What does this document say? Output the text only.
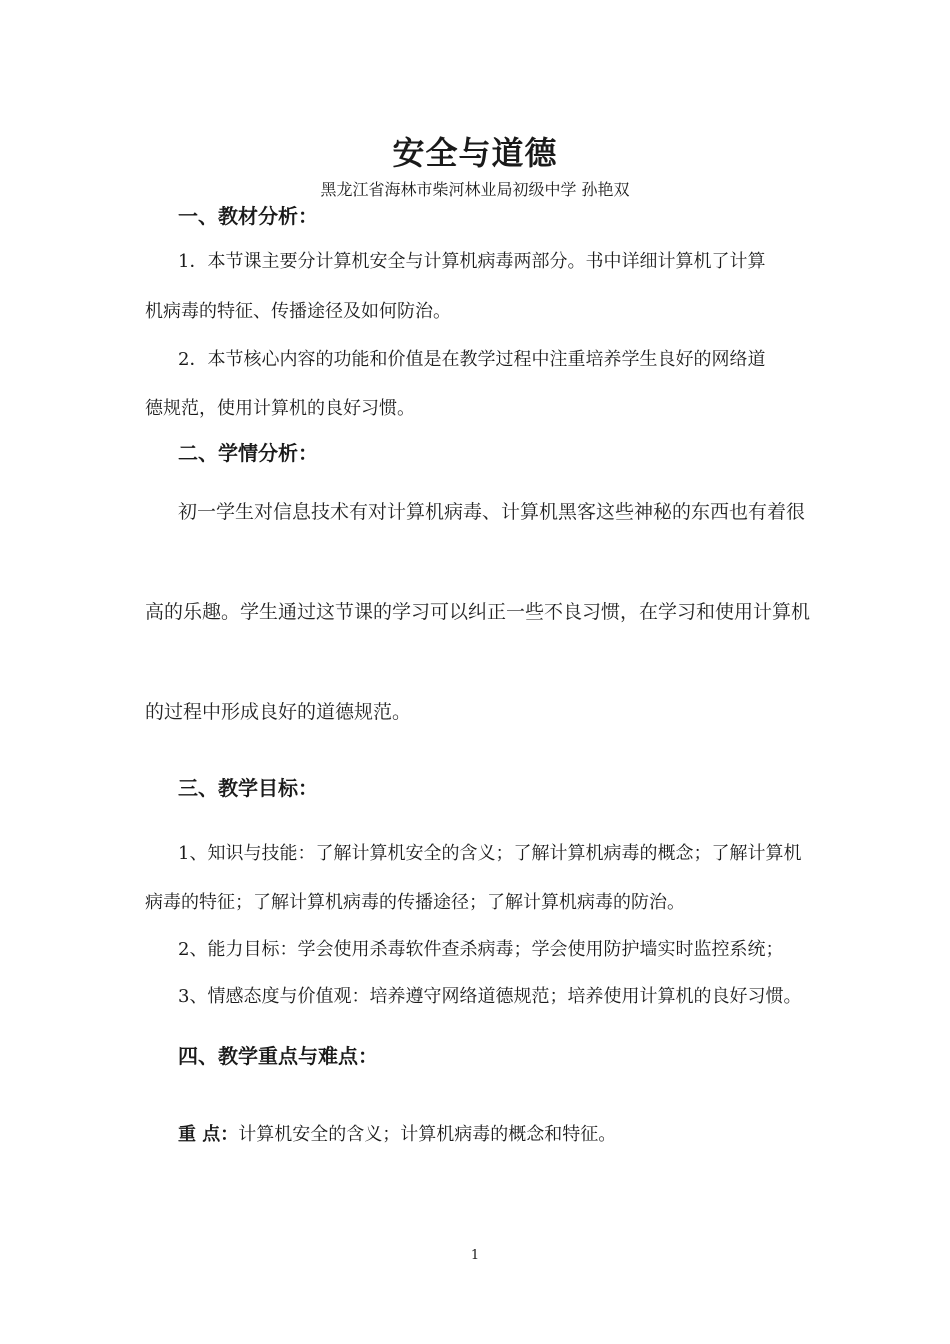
安全与道德
黑龙江省海林市柴河林业局初级中学 孙艳双
一、教材分析：
1．本节课主要分计算机安全与计算机病毒两部分。书中详细计算机了计算
机病毒的特征、传播途径及如何防治。
2．本节核心内容的功能和价值是在教学过程中注重培养学生良好的网络道
德规范，使用计算机的良好习惯。
二、学情分析：
初一学生对信息技术有对计算机病毒、计算机黑客这些神秘的东西也有着很
高的乐趣。学生通过这节课的学习可以纠正一些不良习惯，在学习和使用计算机
的过程中形成良好的道德规范。
三、教学目标：
1、知识与技能：了解计算机安全的含义；了解计算机病毒的概念；了解计算机
病毒的特征；了解计算机病毒的传播途径；了解计算机病毒的防治。
2、能力目标：学会使用杀毒软件查杀病毒；学会使用防护墙实时监控系统；
3、情感态度与价值观：培养遵守网络道德规范；培养使用计算机的良好习惯。
四、教学重点与难点：
重 点：计算机安全的含义；计算机病毒的概念和特征。
1
